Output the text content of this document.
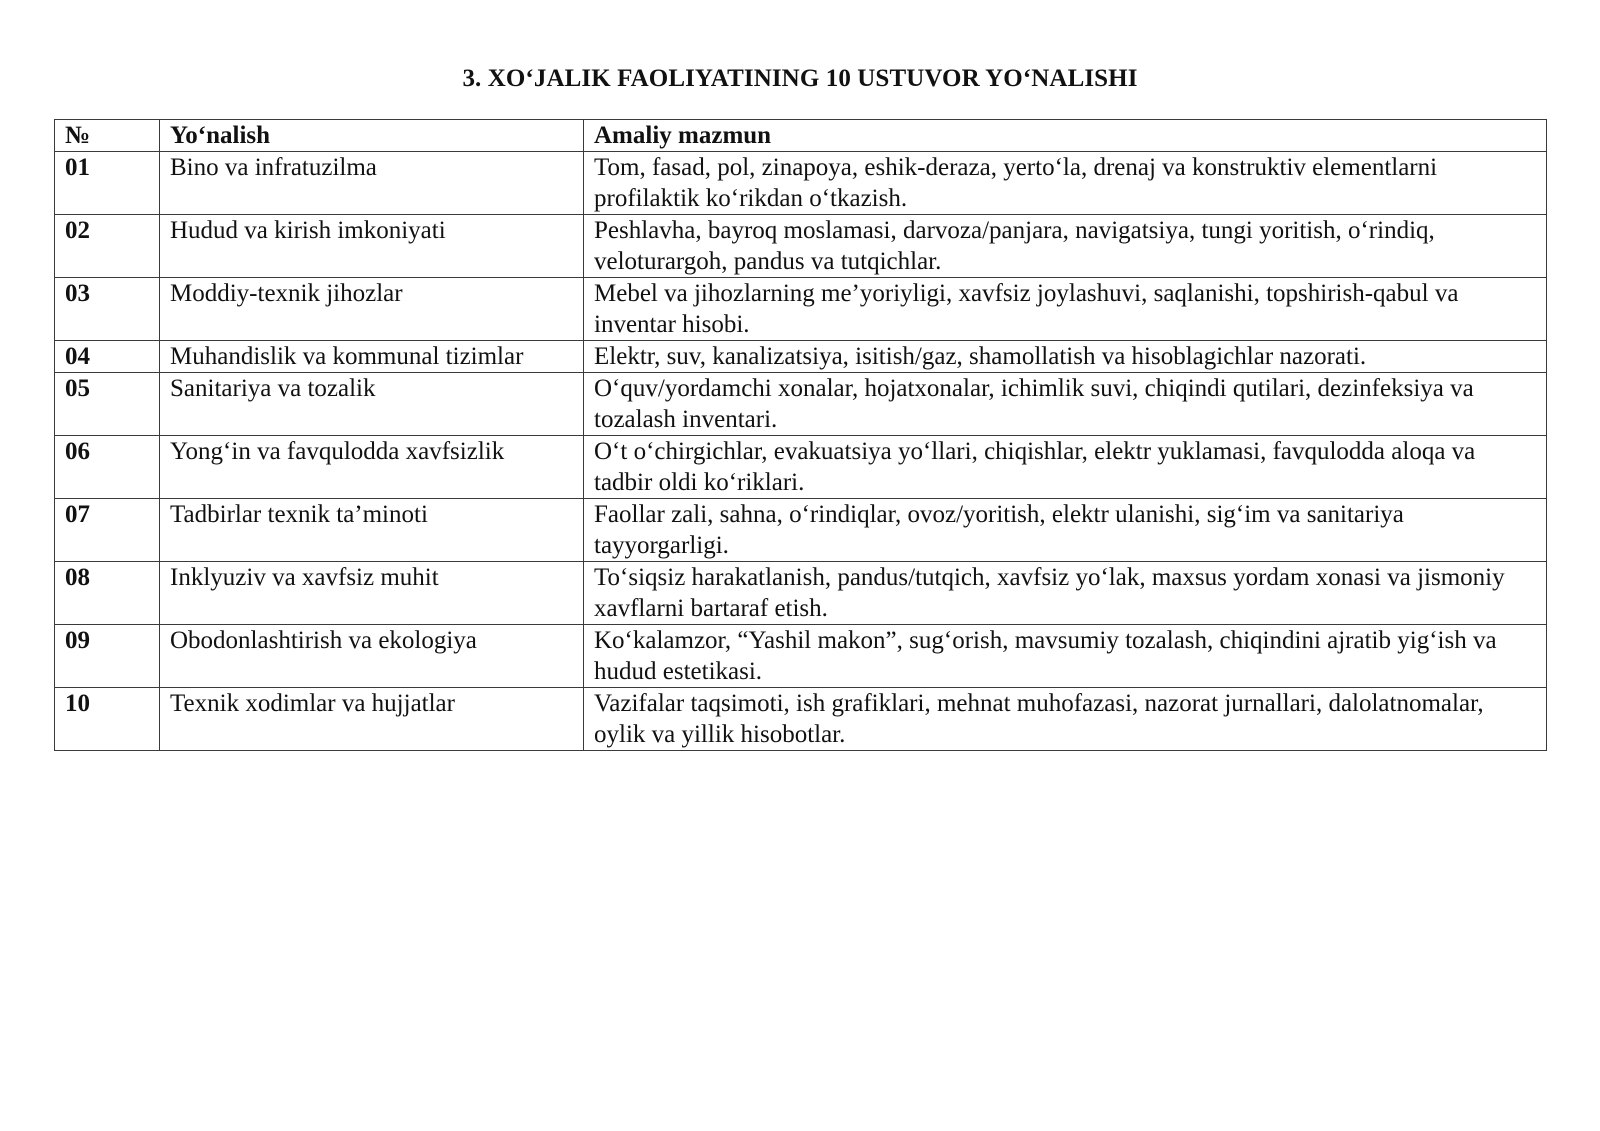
3. XO‘JALIK FAOLIYATINING 10 USTUVOR YO‘NALISHI
№	Yo‘nalish	Amaliy mazmun
01	Bino va infratuzilma	Tom, fasad, pol, zinapoya, eshik-deraza, yerto‘la, drenaj va konstruktiv elementlarni profilaktik ko‘rikdan o‘tkazish.
02	Hudud va kirish imkoniyati	Peshlavha, bayroq moslamasi, darvoza/panjara, navigatsiya, tungi yoritish, o‘rindiq, veloturargoh, pandus va tutqichlar.
03	Moddiy-texnik jihozlar	Mebel va jihozlarning me’yoriyligi, xavfsiz joylashuvi, saqlanishi, topshirish-qabul va inventar hisobi.
04	Muhandislik va kommunal tizimlar	Elektr, suv, kanalizatsiya, isitish/gaz, shamollatish va hisoblagichlar nazorati.
05	Sanitariya va tozalik	O‘quv/yordamchi xonalar, hojatxonalar, ichimlik suvi, chiqindi qutilari, dezinfeksiya va tozalash inventari.
06	Yong‘in va favqulodda xavfsizlik	O‘t o‘chirgichlar, evakuatsiya yo‘llari, chiqishlar, elektr yuklamasi, favqulodda aloqa va tadbir oldi ko‘riklari.
07	Tadbirlar texnik ta’minoti	Faollar zali, sahna, o‘rindiqlar, ovoz/yoritish, elektr ulanishi, sig‘im va sanitariya tayyorgarligi.
08	Inklyuziv va xavfsiz muhit	To‘siqsiz harakatlanish, pandus/tutqich, xavfsiz yo‘lak, maxsus yordam xonasi va jismoniy xavflarni bartaraf etish.
09	Obodonlashtirish va ekologiya	Ko‘kalamzor, “Yashil makon”, sug‘orish, mavsumiy tozalash, chiqindini ajratib yig‘ish va hudud estetikasi.
10	Texnik xodimlar va hujjatlar	Vazifalar taqsimoti, ish grafiklari, mehnat muhofazasi, nazorat jurnallari, dalolatnomalar, oylik va yillik hisobotlar.
